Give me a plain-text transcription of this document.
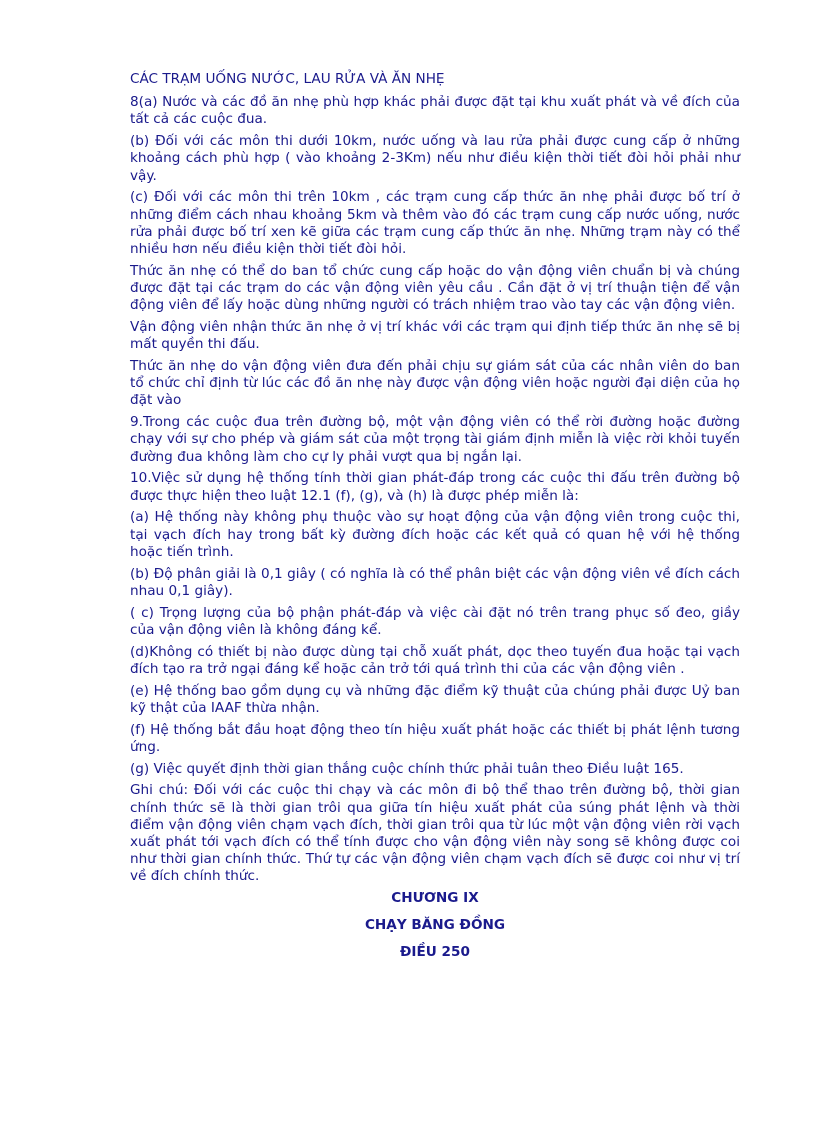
CÁC TRẠM UỐNG NƯỚC, LAU RỬA VÀ ĂN NHẸ

8(a) Nước và các đồ ăn nhẹ phù hợp khác phải được đặt tại khu xuất phát và về đích của tất cả các cuộc đua.

(b) Đối với các môn thi dưới 10km, nước uống và lau rửa phải được cung cấp ở những khoảng cách phù hợp ( vào khoảng 2-3Km) nếu như điều kiện thời tiết đòi hỏi phải như vậy.

(c) Đối với các môn thi trên 10km , các trạm cung cấp thức ăn nhẹ phải được bố trí ở những điểm cách nhau khoảng 5km và thêm vào đó các trạm cung cấp nước uống, nước rửa phải được bố trí xen kẽ giữa các trạm cung cấp thức ăn nhẹ. Những trạm này có thể nhiều hơn nếu điều kiện thời tiết đòi hỏi.

Thức ăn nhẹ có thể do ban tổ chức cung cấp hoặc do vận động viên chuẩn bị và chúng được đặt tại các trạm do các vận động viên yêu cầu . Cần đặt ở vị trí thuận tiện để vận động viên để lấy hoặc dùng những người có trách nhiệm trao vào tay các vận động viên.

Vận động viên nhận thức ăn nhẹ ở vị trí khác với các trạm qui định tiếp thức ăn nhẹ sẽ bị mất quyền thi đấu.

Thức ăn nhẹ do vận động viên đưa đến phải chịu sự giám sát của các nhân viên do ban tổ chức chỉ định từ lúc các đồ ăn nhẹ này được vận động viên hoặc người đại diện của họ đặt vào

9.Trong các cuộc đua trên đường bộ, một vận động viên có thể rời đường hoặc đường chạy với sự cho phép và giám sát của một trọng tài giám định miễn là việc rời khỏi tuyến đường đua không làm cho cự ly phải vượt qua bị ngắn lại.

10.Việc sử dụng hệ thống tính thời gian phát-đáp trong các cuộc thi đấu trên đường bộ được thực hiện theo luật 12.1 (f), (g), và (h) là được phép miễn là:

(a) Hệ thống này không phụ thuộc vào sự hoạt động của vận động viên trong cuộc thi, tại vạch đích hay trong bất kỳ đường đích hoặc các kết quả có quan hệ với hệ thống hoặc tiến trình.

(b) Độ phân giải là 0,1 giây ( có nghĩa là có thể phân biệt các vận động viên về đích cách nhau 0,1 giây).

( c) Trọng lượng của bộ phận phát-đáp và việc cài đặt nó trên trang phục số đeo, giầy của vận động viên là không đáng kể.

(d)Không có thiết bị nào được dùng tại chỗ xuất phát, dọc theo tuyến đua hoặc tại vạch đích tạo ra trở ngại đáng kể hoặc cản trở tới quá trình thi của các vận động viên .

(e) Hệ thống bao gồm dụng cụ và những đặc điểm kỹ thuật của chúng phải được Uỷ ban kỹ thật của IAAF thừa nhận.

(f) Hệ thống bắt đầu hoạt động theo tín hiệu xuất phát hoặc các thiết bị phát lệnh tương ứng.

(g) Việc quyết định thời gian thắng cuộc chính thức phải tuân theo Điều luật 165.

Ghi chú: Đối với các cuộc thi chạy và các môn đi bộ thể thao trên đường bộ, thời gian chính thức sẽ là thời gian trôi qua giữa tín hiệu xuất phát của súng phát lệnh và thời điểm vận động viên chạm vạch đích, thời gian trôi qua từ lúc một vận động viên rời vạch xuất phát tới vạch đích có thể tính được cho vận động viên này song sẽ không được coi như thời gian chính thức. Thứ tự các vận động viên chạm vạch đích sẽ được coi như vị trí về đích chính thức.

CHƯƠNG IX

CHẠY BĂNG ĐỒNG

ĐIỀU 250
